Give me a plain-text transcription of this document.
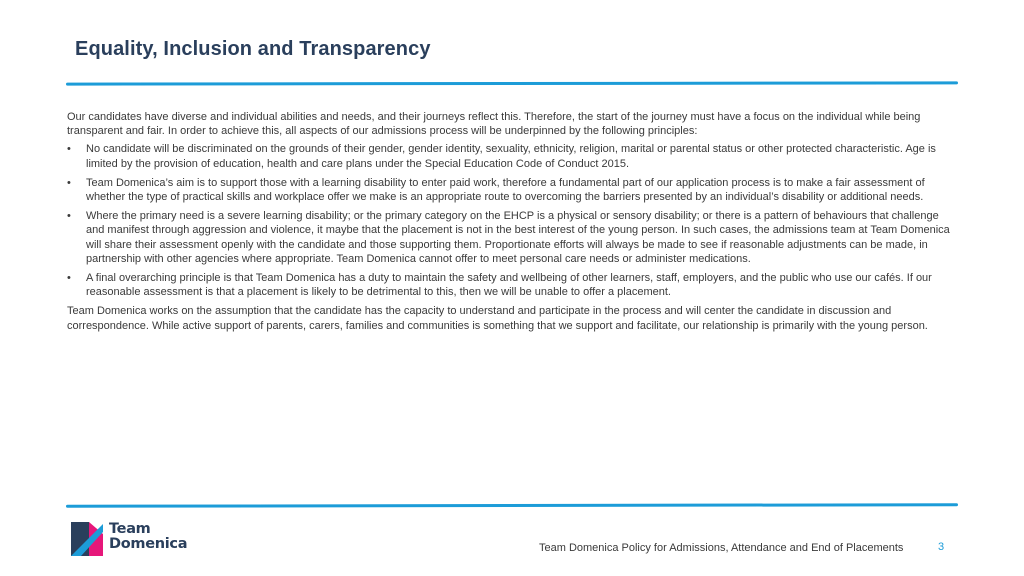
Equality, Inclusion and Transparency

Our candidates have diverse and individual abilities and needs, and their journeys reflect this. Therefore, the start of the journey must have a focus on the individual while being transparent and fair. In order to achieve this, all aspects of our admissions process will be underpinned by the following principles:

• No candidate will be discriminated on the grounds of their gender, gender identity, sexuality, ethnicity, religion, marital or parental status or other protected characteristic. Age is limited by the provision of education, health and care plans under the Special Education Code of Conduct 2015.
• Team Domenica’s aim is to support those with a learning disability to enter paid work, therefore a fundamental part of our application process is to make a fair assessment of whether the type of practical skills and workplace offer we make is an appropriate route to overcoming the barriers presented by an individual’s disability or additional needs.
• Where the primary need is a severe learning disability; or the primary category on the EHCP is a physical or sensory disability; or there is a pattern of behaviours that challenge and manifest through aggression and violence, it maybe that the placement is not in the best interest of the young person. In such cases, the admissions team at Team Domenica will share their assessment openly with the candidate and those supporting them. Proportionate efforts will always be made to see if reasonable adjustments can be made, in partnership with other agencies where appropriate. Team Domenica cannot offer to meet personal care needs or administer medications.
• A final overarching principle is that Team Domenica has a duty to maintain the safety and wellbeing of other learners, staff, employers, and the public who use our cafés. If our reasonable assessment is that a placement is likely to be detrimental to this, then we will be unable to offer a placement.

Team Domenica works on the assumption that the candidate has the capacity to understand and participate in the process and will center the candidate in discussion and correspondence. While active support of parents, carers, families and communities is something that we support and facilitate, our relationship is primarily with the young person.

Team
Domenica	Team Domenica Policy for Admissions, Attendance and End of Placements	3
